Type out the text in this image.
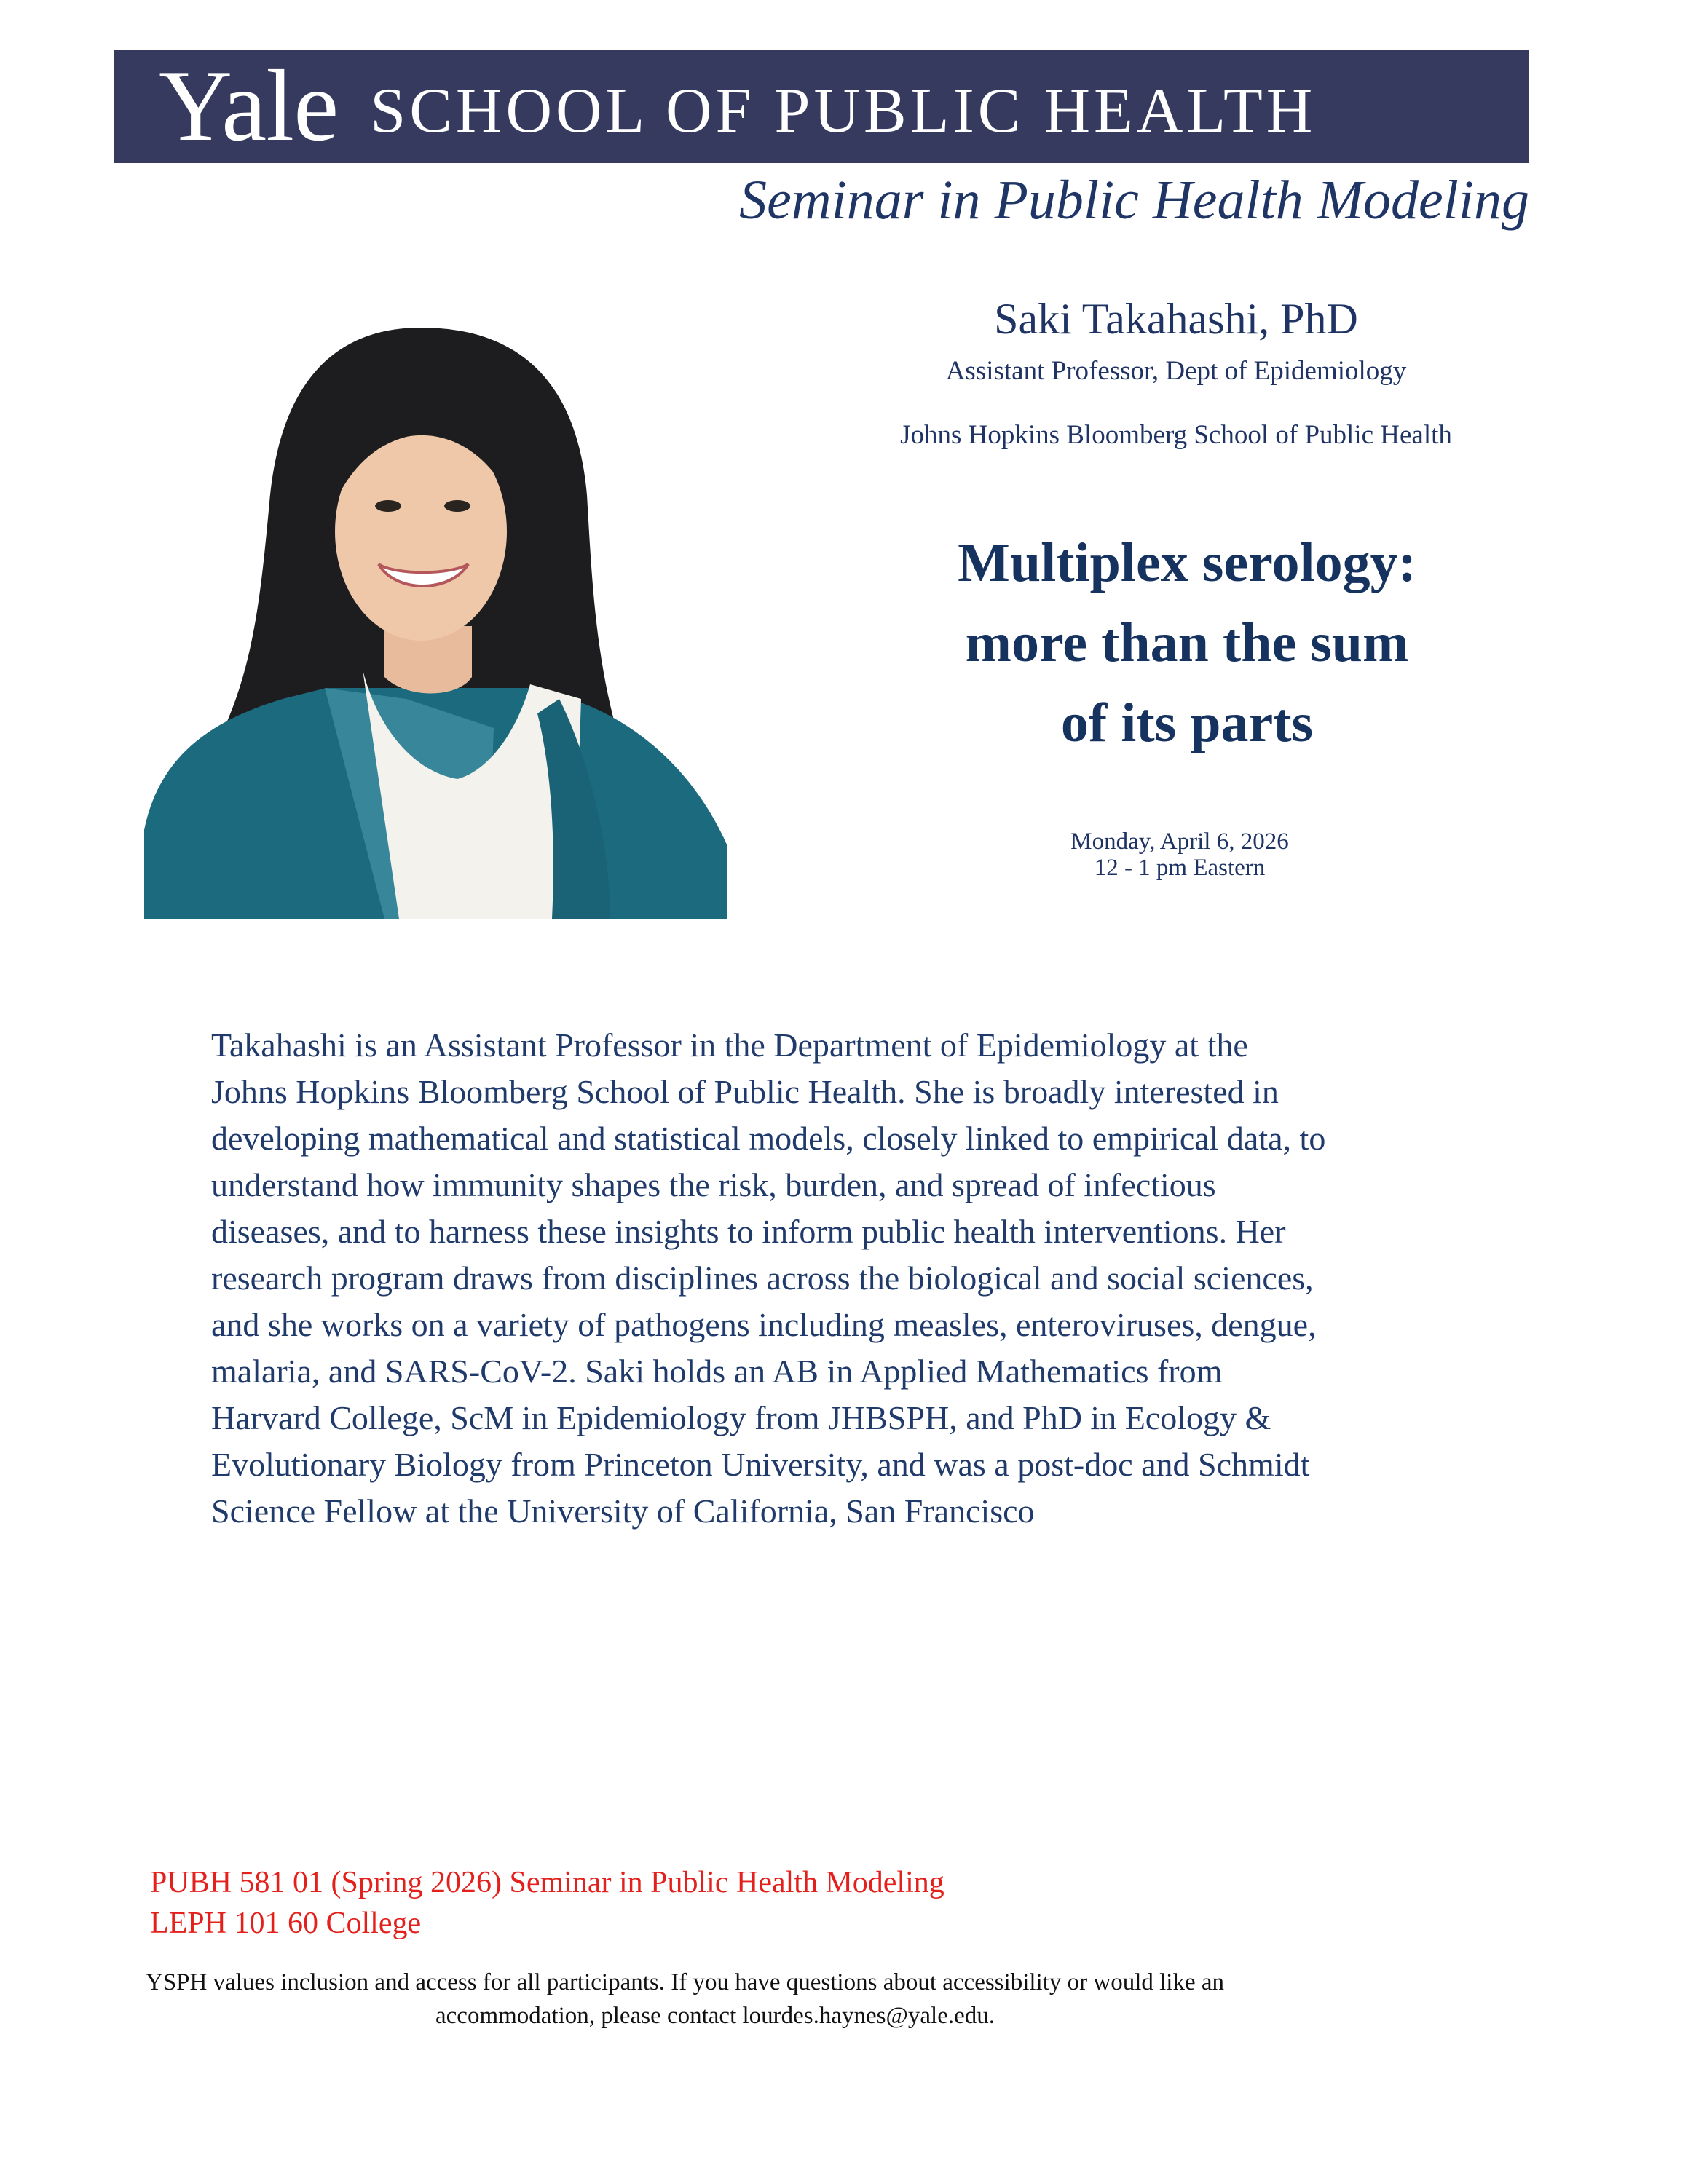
Yale SCHOOL OF PUBLIC HEALTH
Seminar in Public Health Modeling
Saki Takahashi, PhD
Assistant Professor, Dept of Epidemiology
Johns Hopkins Bloomberg School of Public Health
Multiplex serology:
more than the sum
of its parts
Monday, April 6, 2026
12 - 1 pm Eastern

Takahashi is an Assistant Professor in the Department of Epidemiology at the
Johns Hopkins Bloomberg School of Public Health. She is broadly interested in
developing mathematical and statistical models, closely linked to empirical data, to
understand how immunity shapes the risk, burden, and spread of infectious
diseases, and to harness these insights to inform public health interventions. Her
research program draws from disciplines across the biological and social sciences,
and she works on a variety of pathogens including measles, enteroviruses, dengue,
malaria, and SARS-CoV-2. Saki holds an AB in Applied Mathematics from
Harvard College, ScM in Epidemiology from JHBSPH, and PhD in Ecology &
Evolutionary Biology from Princeton University, and was a post-doc and Schmidt
Science Fellow at the University of California, San Francisco

PUBH 581 01 (Spring 2026) Seminar in Public Health Modeling
LEPH 101 60 College
YSPH values inclusion and access for all participants. If you have questions about accessibility or would like an
accommodation, please contact lourdes.haynes@yale.edu.
